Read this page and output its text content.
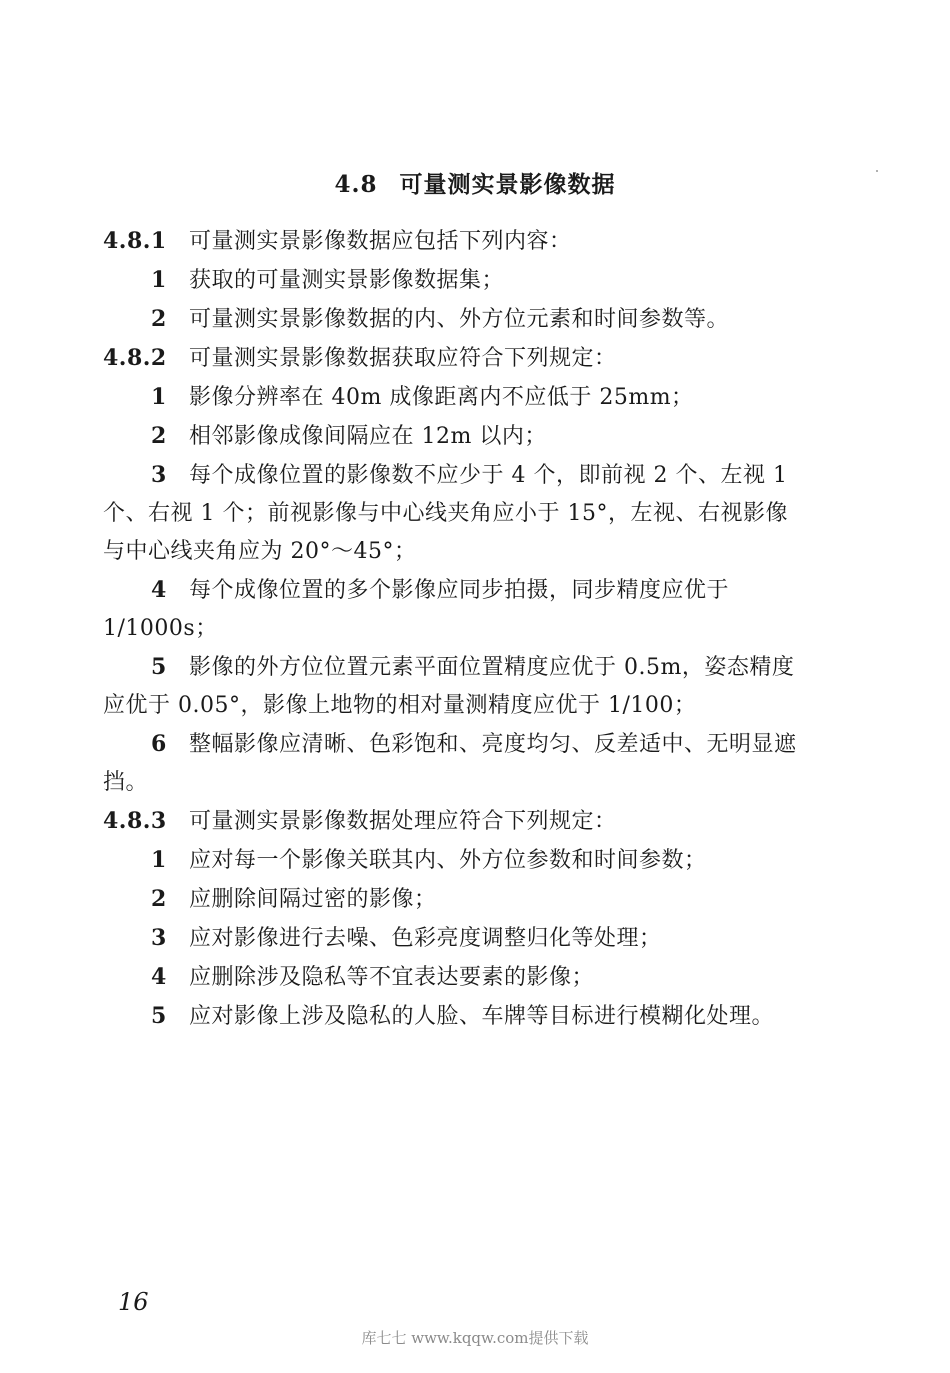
4.8 可量测实景影像数据
4.8.1 可量测实景影像数据应包括下列内容：
1 获取的可量测实景影像数据集；
2 可量测实景影像数据的内、外方位元素和时间参数等。
4.8.2 可量测实景影像数据获取应符合下列规定：
1 影像分辨率在 40m 成像距离内不应低于 25mm；
2 相邻影像成像间隔应在 12m 以内；
3 每个成像位置的影像数不应少于 4 个，即前视 2 个、左视 1 个、右视 1 个；前视影像与中心线夹角应小于 15°，左视、右视影像与中心线夹角应为 20°～45°；
4 每个成像位置的多个影像应同步拍摄，同步精度应优于 1/1000s；
5 影像的外方位位置元素平面位置精度应优于 0.5m，姿态精度应优于 0.05°，影像上地物的相对量测精度应优于 1/100；
6 整幅影像应清晰、色彩饱和、亮度均匀、反差适中、无明显遮挡。
4.8.3 可量测实景影像数据处理应符合下列规定：
1 应对每一个影像关联其内、外方位参数和时间参数；
2 应删除间隔过密的影像；
3 应对影像进行去噪、色彩亮度调整归化等处理；
4 应删除涉及隐私等不宜表达要素的影像；
5 应对影像上涉及隐私的人脸、车牌等目标进行模糊化处理。
16
库七七 www.kqqw.com提供下载
